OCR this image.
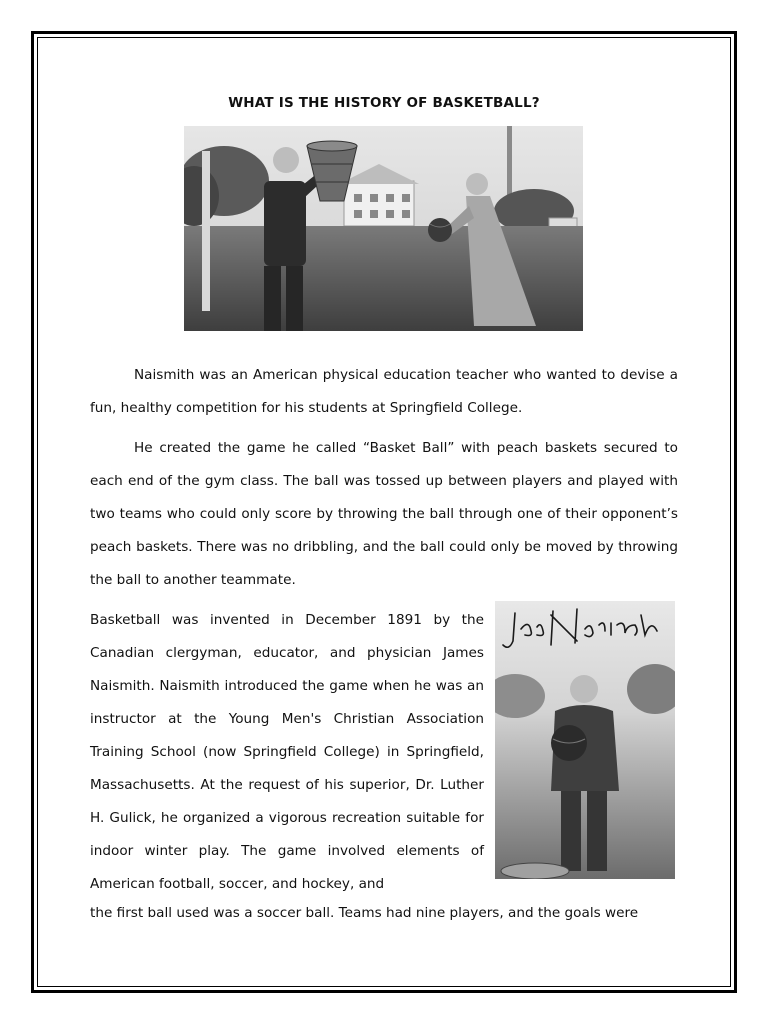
WHAT IS THE HISTORY OF BASKETBALL?

Naismith was an American physical education teacher who wanted to devise a fun, healthy competition for his students at Springfield College.

He created the game he called “Basket Ball” with peach baskets secured to each end of the gym class. The ball was tossed up between players and played with two teams who could only score by throwing the ball through one of their opponent’s peach baskets. There was no dribbling, and the ball could only be moved by throwing the ball to another teammate.

Basketball was invented in December 1891 by the Canadian clergyman, educator, and physician James Naismith. Naismith introduced the game when he was an instructor at the Young Men's Christian Association Training School (now Springfield College) in Springfield, Massachusetts. At the request of his superior, Dr. Luther H. Gulick, he organized a vigorous recreation suitable for indoor winter play. The game involved elements of American football, soccer, and hockey, and

the first ball used was a soccer ball. Teams had nine players, and the goals were
